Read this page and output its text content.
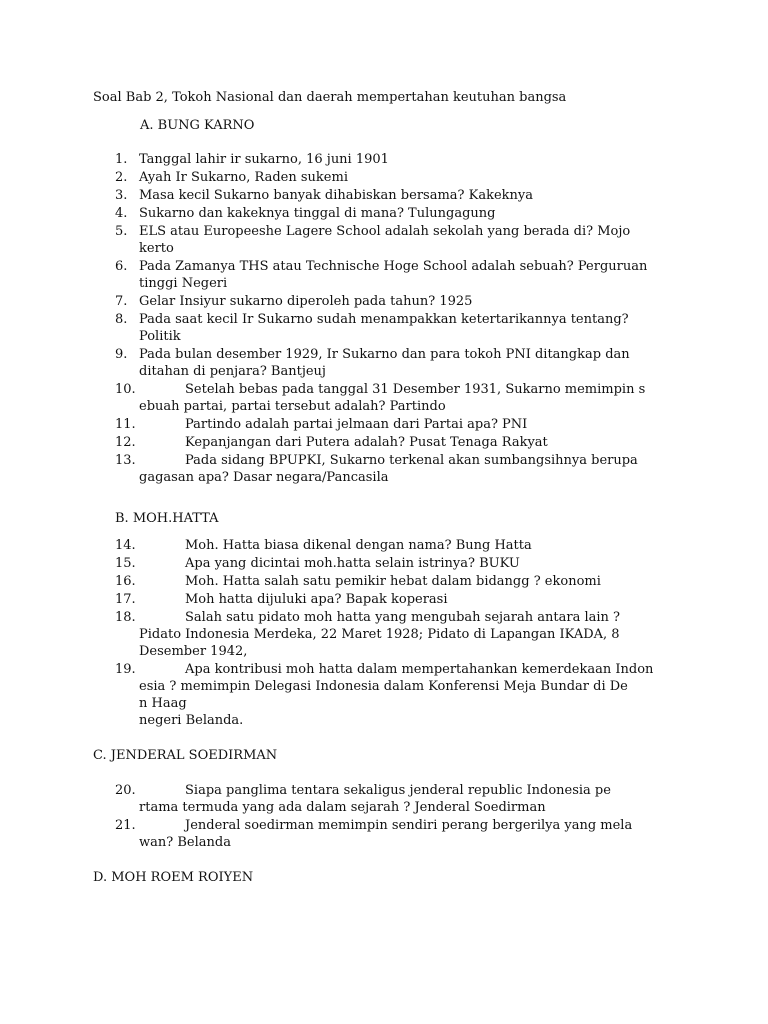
Soal Bab 2, Tokoh Nasional dan daerah mempertahan keutuhan bangsa
A. BUNG KARNO
1. Tanggal lahir ir sukarno, 16 juni 1901
2. Ayah Ir Sukarno, Raden sukemi
3. Masa kecil Sukarno banyak dihabiskan bersama? Kakeknya
4. Sukarno dan kakeknya tinggal di mana? Tulungagung
5. ELS atau Europeeshe Lagere School adalah sekolah yang berada di? Mojo
kerto
6. Pada Zamanya THS atau Technische Hoge School adalah sebuah? Perguruan
tinggi Negeri
7. Gelar Insiyur sukarno diperoleh pada tahun? 1925
8. Pada saat kecil Ir Sukarno sudah menampakkan ketertarikannya tentang?
Politik
9. Pada bulan desember 1929, Ir Sukarno dan para tokoh PNI ditangkap dan
ditahan di penjara? Bantjeuj
10.	Setelah bebas pada tanggal 31 Desember 1931, Sukarno memimpin s
ebuah partai, partai tersebut adalah? Partindo
11.	Partindo adalah partai jelmaan dari Partai apa? PNI
12.	Kepanjangan dari Putera adalah? Pusat Tenaga Rakyat
13.	Pada sidang BPUPKI, Sukarno terkenal akan sumbangsihnya berupa
gagasan apa? Dasar negara/Pancasila
B. MOH.HATTA
14.	Moh. Hatta biasa dikenal dengan nama? Bung Hatta
15.	Apa yang dicintai moh.hatta selain istrinya? BUKU
16.	Moh. Hatta salah satu pemikir hebat dalam bidangg ? ekonomi
17.	Moh hatta dijuluki apa? Bapak koperasi
18.	Salah satu pidato moh hatta yang mengubah sejarah antara lain ?
Pidato Indonesia Merdeka, 22 Maret 1928; Pidato di Lapangan IKADA, 8
Desember 1942,
19.	Apa kontribusi moh hatta dalam mempertahankan kemerdekaan Indon
esia ? memimpin Delegasi Indonesia dalam Konferensi Meja Bundar di De
n Haag
negeri Belanda.
C. JENDERAL SOEDIRMAN
20.	Siapa panglima tentara sekaligus jenderal republic Indonesia pe
rtama termuda yang ada dalam sejarah ? Jenderal Soedirman
21.	Jenderal soedirman memimpin sendiri perang bergerilya yang mela
wan? Belanda
D. MOH ROEM ROIYEN
